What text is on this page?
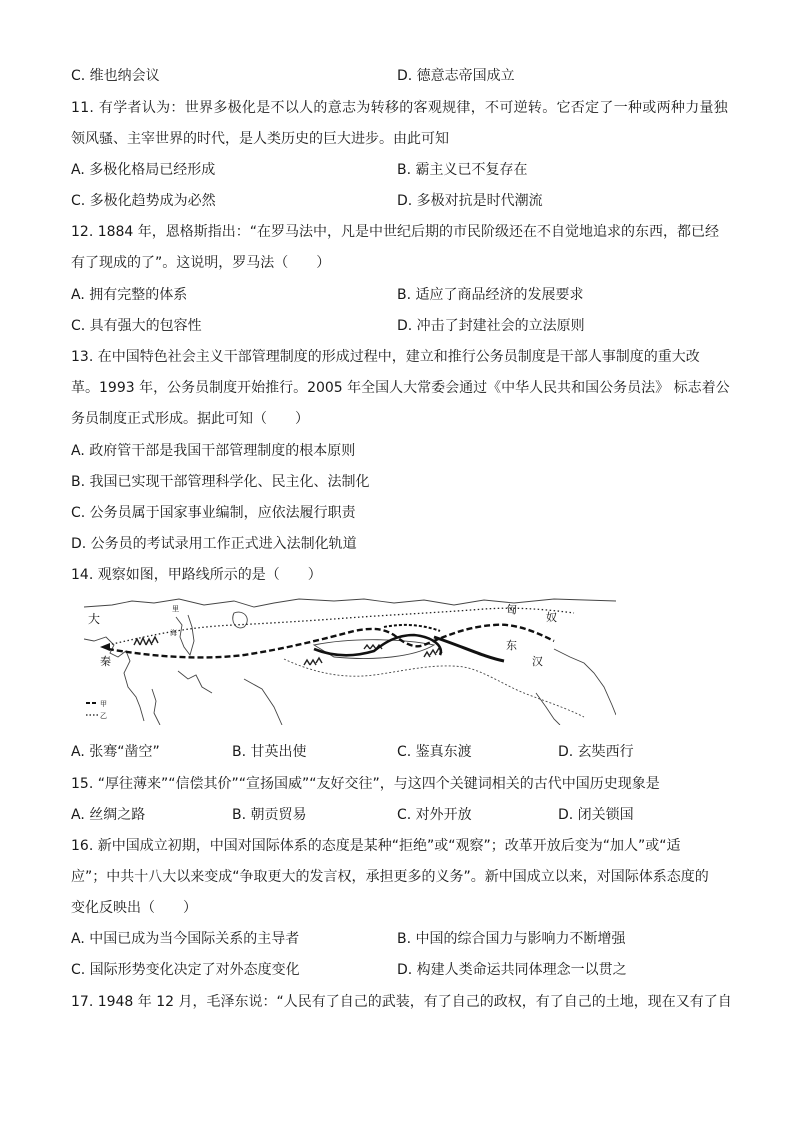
C. 维也纳会议	D. 德意志帝国成立
11. 有学者认为：世界多极化是不以人的意志为转移的客观规律，不可逆转。它否定了一种或两种力量独
领风骚、主宰世界的时代，是人类历史的巨大进步。由此可知
A. 多极化格局已经形成	B. 霸主义已不复存在
C. 多极化趋势成为必然	D. 多极对抗是时代潮流
12. 1884 年，恩格斯指出：“在罗马法中，凡是中世纪后期的市民阶级还在不自觉地追求的东西，都已经
有了现成的了”。这说明，罗马法（　　）
A. 拥有完整的体系	B. 适应了商品经济的发展要求
C. 具有强大的包容性	D. 冲击了封建社会的立法原则
13. 在中国特色社会主义干部管理制度的形成过程中，建立和推行公务员制度是干部人事制度的重大改
革。1993 年，公务员制度开始推行。2005 年全国人大常委会通过《中华人民共和国公务员法》 标志着公
务员制度正式形成。据此可知（　　）
A. 政府管干部是我国干部管理制度的根本原则
B. 我国已实现干部管理科学化、民主化、法制化
C. 公务员属于国家事业编制，应依法履行职责
D. 公务员的考试录用工作正式进入法制化轨道
14. 观察如图，甲路线所示的是（　　）
大
秦
里
海
匈
奴
东
汉
甲
乙
A. 张骞“凿空”	B. 甘英出使	C. 鉴真东渡	D. 玄奘西行
15. “厚往薄来”“信偿其价”“宣扬国威”“友好交往”，与这四个关键词相关的古代中国历史现象是
A. 丝绸之路	B. 朝贡贸易	C. 对外开放	D. 闭关锁国
16. 新中国成立初期，中国对国际体系的态度是某种“拒绝”或“观察”；改革开放后变为“加人”或“适
应”；中共十八大以来变成“争取更大的发言权，承担更多的义务”。新中国成立以来，对国际体系态度的
变化反映出（　　）
A. 中国已成为当今国际关系的主导者	B. 中国的综合国力与影响力不断增强
C. 国际形势变化决定了对外态度变化	D. 构建人类命运共同体理念一以贯之
17. 1948 年 12 月，毛泽东说：“人民有了自己的武装，有了自己的政权，有了自己的土地，现在又有了自
